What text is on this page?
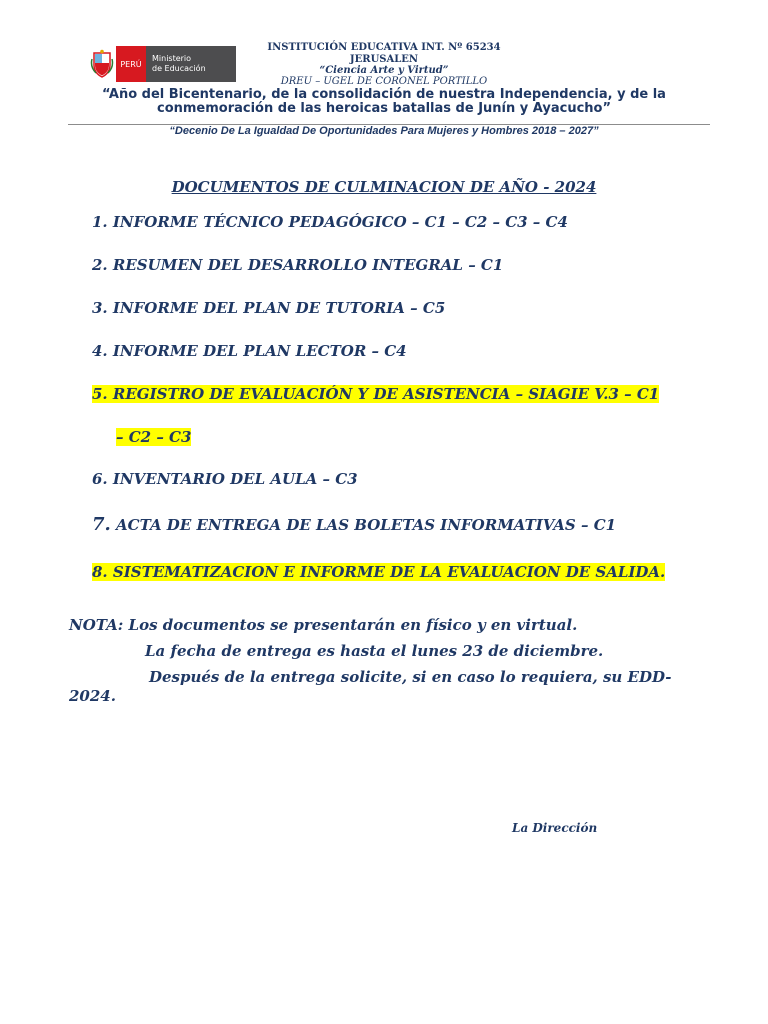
PERÚ
Ministerio
de Educación
INSTITUCIÓN EDUCATIVA INT. Nº 65234
JERUSALEN
“Ciencia Arte y Virtud”
DREU – UGEL DE CORONEL PORTILLO
“Año del Bicentenario, de la consolidación de nuestra Independencia, y de la
conmemoración de las heroicas batallas de Junín y Ayacucho”
“Decenio De La Igualdad De Oportunidades Para Mujeres y Hombres 2018 – 2027”
DOCUMENTOS DE CULMINACION DE AÑO - 2024
1. INFORME TÉCNICO PEDAGÓGICO – C1 – C2 – C3 – C4
2. RESUMEN DEL DESARROLLO INTEGRAL – C1
3. INFORME DEL PLAN DE TUTORIA – C5
4. INFORME DEL PLAN LECTOR – C4
5. REGISTRO DE EVALUACIÓN Y DE ASISTENCIA – SIAGIE V.3 – C1
– C2 – C3
6. INVENTARIO DEL AULA – C3
7. ACTA DE ENTREGA DE LAS BOLETAS INFORMATIVAS – C1
8. SISTEMATIZACION E INFORME DE LA EVALUACION DE SALIDA.
NOTA: Los documentos se presentarán en físico y en virtual.
La fecha de entrega es hasta el lunes 23 de diciembre.
Después de la entrega solicite, si en caso lo requiera, su EDD-
2024.
La Dirección
